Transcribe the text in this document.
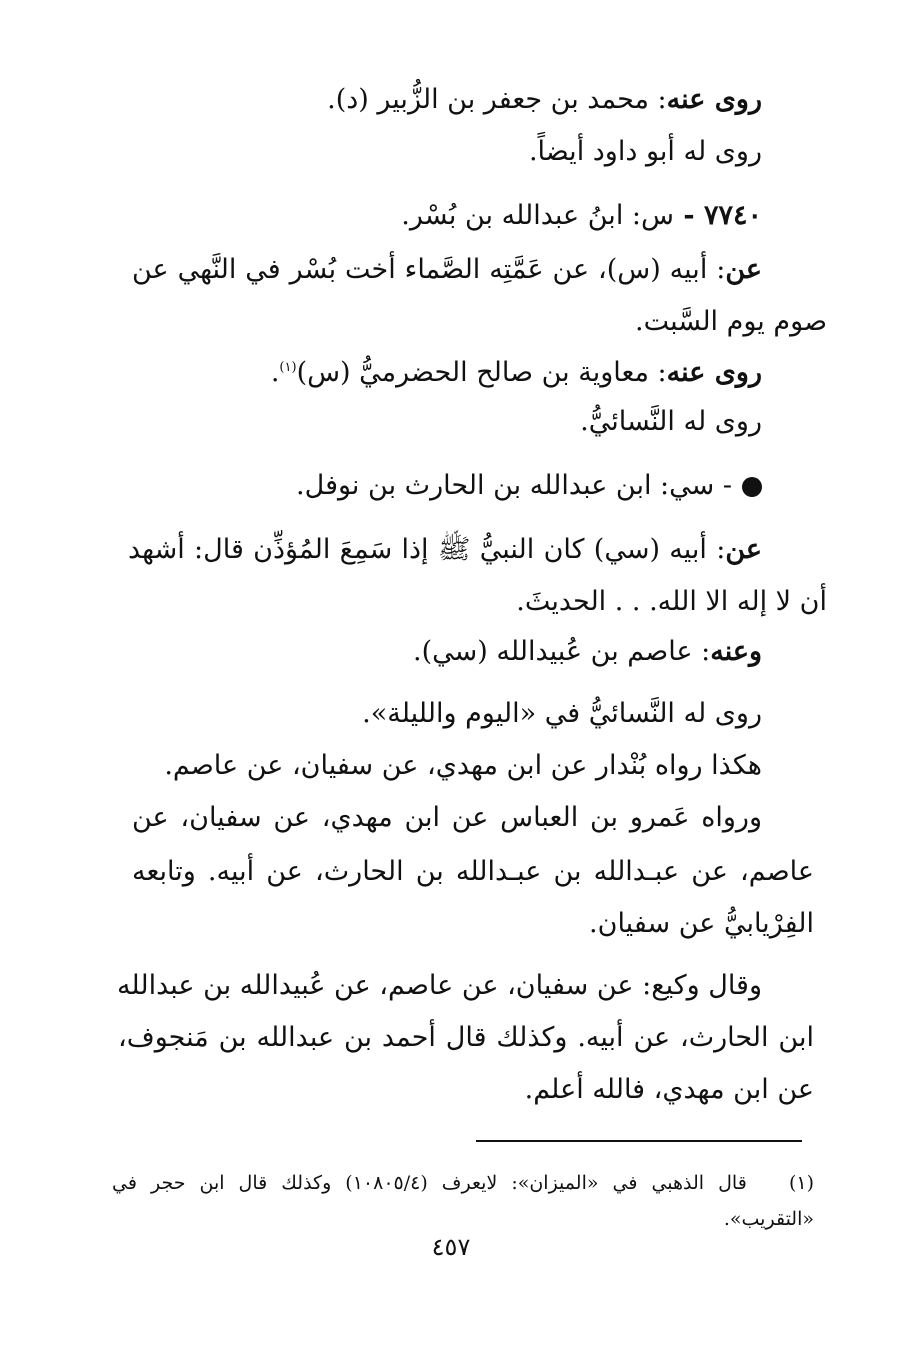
روى عنه: محمد بن جعفر بن الزُّبير (د).
روى له أبو داود أيضاً.
٧٧٤٠ - س: ابنُ عبدالله بن بُسْر.
عن: أبيه (س)، عن عَمَّتِه الصَّماء أخت بُسْر في النَّهي عن
صوم يوم السَّبت.
روى عنه: معاوية بن صالح الحضرميُّ (س)$^{(١)}$.
روى له النَّسائيُّ.
- سي: ابن عبدالله بن الحارث بن نوفل.
عن: أبيه (سي) كان النبيُّ ﷺ إذا سَمِعَ المُؤذِّن قال: أشهد
أن لا إله الا الله. . . الحديثَ.
وعنه: عاصم بن عُبيدالله (سي).
روى له النَّسائيُّ في «اليوم والليلة».
هكذا رواه بُنْدار عن ابن مهدي، عن سفيان، عن عاصم.
ورواه عَمرو بن العباس عن ابن مهدي، عن سفيان، عن
عاصم، عن عبـدالله بن عبـدالله بن الحارث، عن أبيه. وتابعه
الفِرْيابيُّ عن سفيان.
وقال وكيع: عن سفيان، عن عاصم، عن عُبيدالله بن عبدالله
ابن الحارث، عن أبيه. وكذلك قال أحمد بن عبدالله بن مَنجوف،
عن ابن مهدي، فالله أعلم.
(١)   قال الذهبي في «الميزان»: لايعرف (١٠٨٠٥/٤) وكذلك قال ابن حجر في
«التقريب».
٤٥٧
